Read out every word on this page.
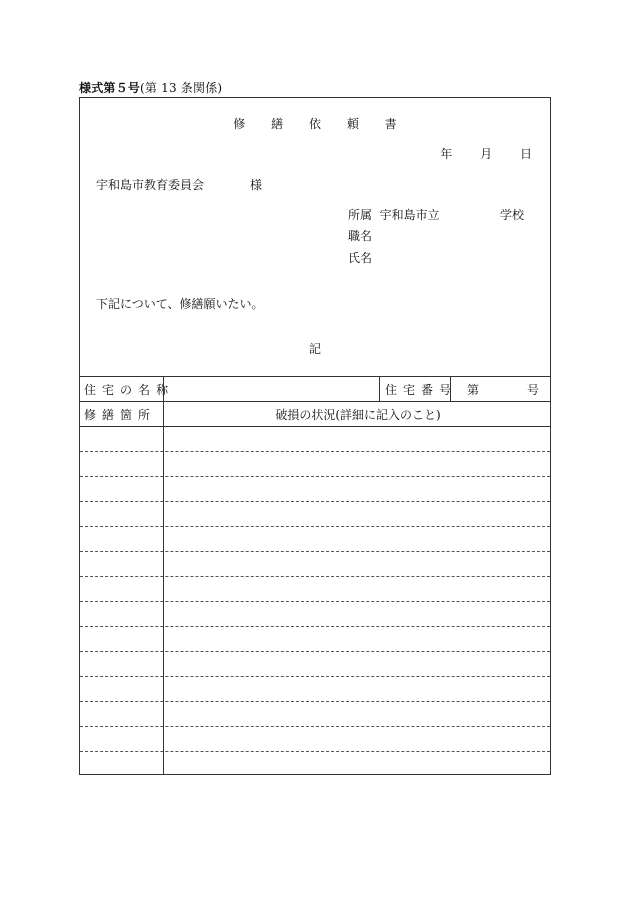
様式第５号(第 13 条関係)
修 繕 依 頼 書
年 月 日
宇和島市教育委員会	様
所属 宇和島市立	学校
職名
氏名
下記について、修繕願いたい。
記
住 宅 の 名 称	住 宅 番 号 第	号
修 繕 箇 所	破損の状況(詳細に記入のこと)
